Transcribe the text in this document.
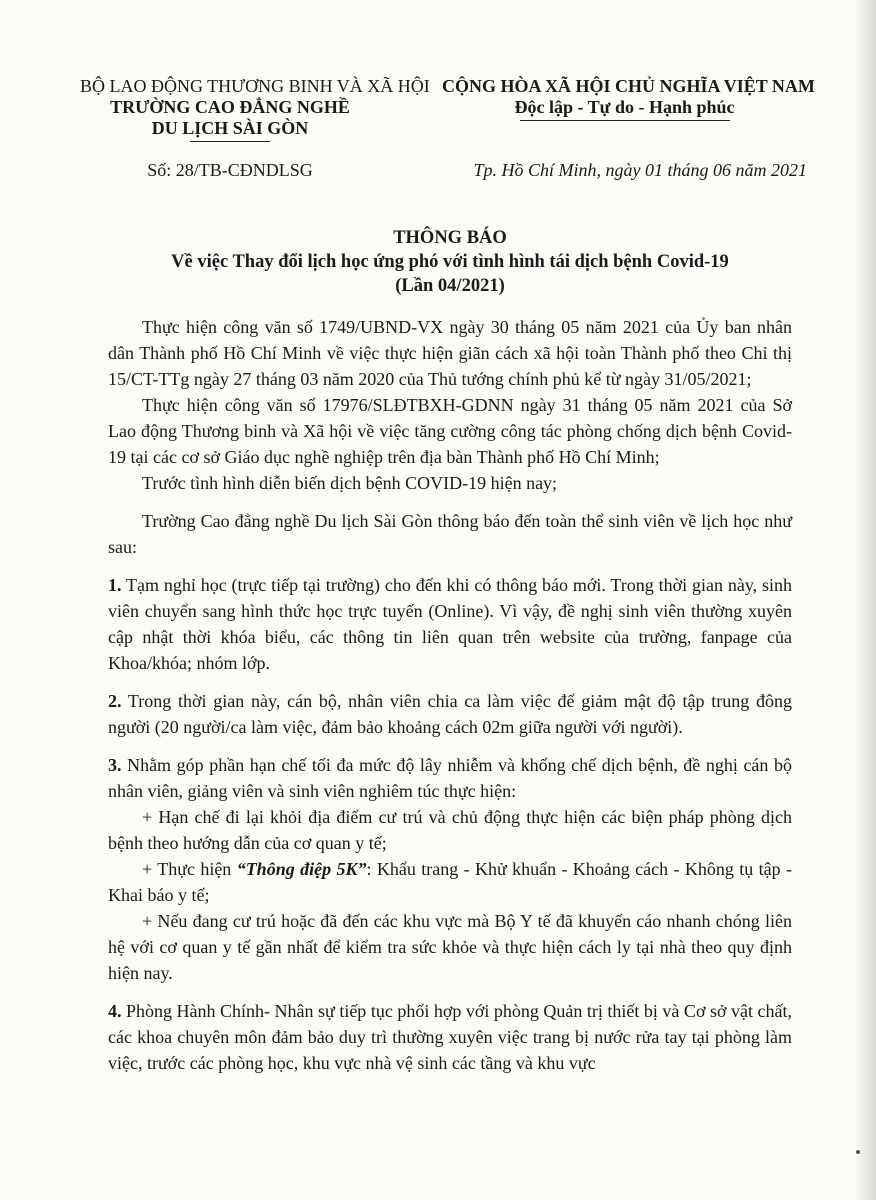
BỘ LAO ĐỘNG THƯƠNG BINH VÀ XÃ HỘI
TRƯỜNG CAO ĐẲNG NGHỀ
DU LỊCH SÀI GÒN
CỘNG HÒA XÃ HỘI CHỦ NGHĨA VIỆT NAM
Độc lập - Tự do - Hạnh phúc
Số: 28/TB-CĐNDLSG	Tp. Hồ Chí Minh, ngày 01 tháng 06 năm 2021
THÔNG BÁO
Về việc Thay đổi lịch học ứng phó với tình hình tái dịch bệnh Covid-19
(Lần 04/2021)

Thực hiện công văn số 1749/UBND-VX ngày 30 tháng 05 năm 2021 của Ủy ban nhân dân Thành phố Hồ Chí Minh về việc thực hiện giãn cách xã hội toàn Thành phố theo Chỉ thị 15/CT-TTg ngày 27 tháng 03 năm 2020 của Thủ tướng chính phủ kể từ ngày 31/05/2021;

Thực hiện công văn số 17976/SLĐTBXH-GDNN ngày 31 tháng 05 năm 2021 của Sở Lao động Thương binh và Xã hội về việc tăng cường công tác phòng chống dịch bệnh Covid-19 tại các cơ sở Giáo dục nghề nghiệp trên địa bàn Thành phố Hồ Chí Minh;

Trước tình hình diễn biến dịch bệnh COVID-19 hiện nay;

Trường Cao đẳng nghề Du lịch Sài Gòn thông báo đến toàn thể sinh viên về lịch học như sau:

1. Tạm nghỉ học (trực tiếp tại trường) cho đến khi có thông báo mới. Trong thời gian này, sinh viên chuyển sang hình thức học trực tuyến (Online). Vì vậy, đề nghị sinh viên thường xuyên cập nhật thời khóa biểu, các thông tin liên quan trên website của trường, fanpage của Khoa/khóa; nhóm lớp.

2. Trong thời gian này, cán bộ, nhân viên chia ca làm việc để giảm mật độ tập trung đông người (20 người/ca làm việc, đảm bảo khoảng cách 02m giữa người với người).

3. Nhằm góp phần hạn chế tối đa mức độ lây nhiễm và khống chế dịch bệnh, đề nghị cán bộ nhân viên, giảng viên và sinh viên nghiêm túc thực hiện:

+ Hạn chế đi lại khỏi địa điểm cư trú và chủ động thực hiện các biện pháp phòng dịch bệnh theo hướng dẫn của cơ quan y tế;

+ Thực hiện “Thông điệp 5K”: Khẩu trang - Khử khuẩn - Khoảng cách - Không tụ tập - Khai báo y tế;

+ Nếu đang cư trú hoặc đã đến các khu vực mà Bộ Y tế đã khuyến cáo nhanh chóng liên hệ với cơ quan y tế gần nhất để kiểm tra sức khỏe và thực hiện cách ly tại nhà theo quy định hiện nay.

4. Phòng Hành Chính- Nhân sự tiếp tục phối hợp với phòng Quản trị thiết bị và Cơ sở vật chất, các khoa chuyên môn đảm bảo duy trì thường xuyên việc trang bị nước rửa tay tại phòng làm việc, trước các phòng học, khu vực nhà vệ sinh các tầng và khu vực
